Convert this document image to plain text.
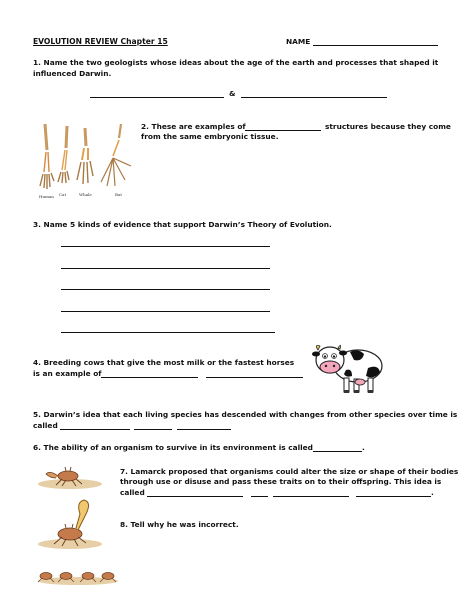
EVOLUTION REVIEW Chapter 15	NAME
1. Name the two geologists whose ideas about the age of the earth and processes that shaped it
influenced Darwin.
&
Human Cat	Whale	Bat
2. These are examples of	structures because they come
from the same embryonic tissue.
3. Name 5 kinds of evidence that support Darwin’s Theory of Evolution.
4. Breeding cows that give the most milk or the fastest horses
is an example of
5. Darwin’s idea that each living species has descended with changes from other species over time is
called
6. The ability of an organism to survive in its environment is called	.
7. Lamarck proposed that organisms could alter the size or shape of their bodies
through use or disuse and pass these traits on to their offspring. This idea is
called	.
8. Tell why he was incorrect.
